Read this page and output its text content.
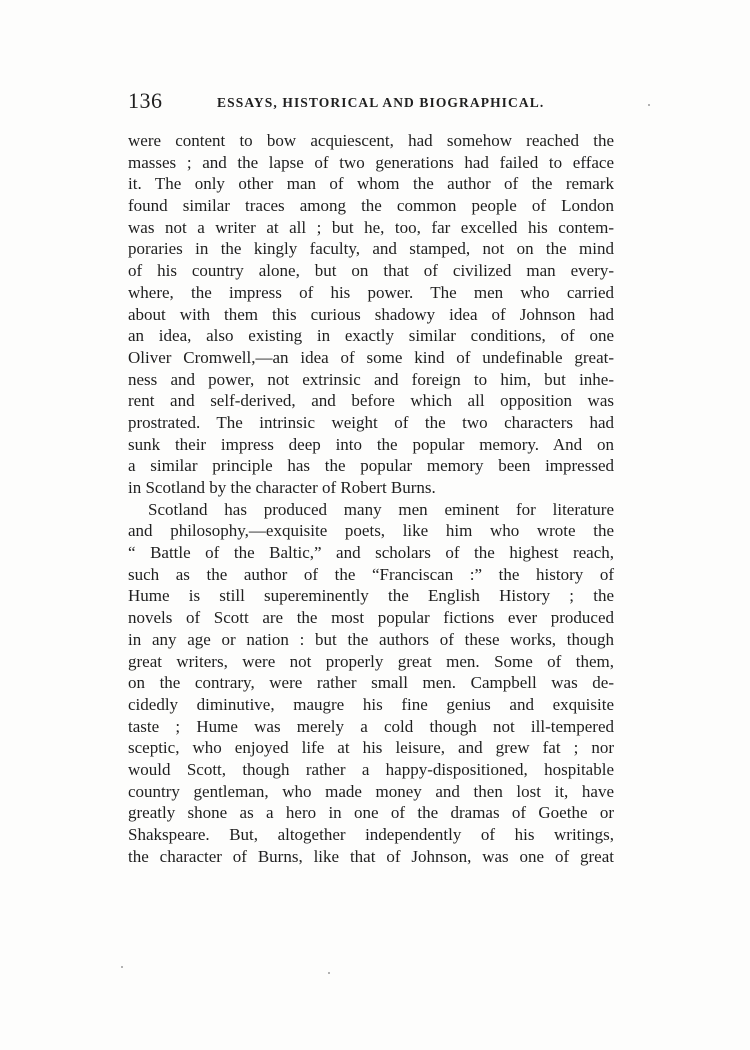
136	ESSAYS, HISTORICAL AND BIOGRAPHICAL.
were content to bow acquiescent, had somehow reached the
masses ; and the lapse of two generations had failed to efface
it. The only other man of whom the author of the remark
found similar traces among the common people of London
was not a writer at all ; but he, too, far excelled his contem-
poraries in the kingly faculty, and stamped, not on the mind
of his country alone, but on that of civilized man every-
where, the impress of his power. The men who carried
about with them this curious shadowy idea of Johnson had
an idea, also existing in exactly similar conditions, of one
Oliver Cromwell,—an idea of some kind of undefinable great-
ness and power, not extrinsic and foreign to him, but inhe-
rent and self-derived, and before which all opposition was
prostrated. The intrinsic weight of the two characters had
sunk their impress deep into the popular memory. And on
a similar principle has the popular memory been impressed
in Scotland by the character of Robert Burns.
Scotland has produced many men eminent for literature
and philosophy,—exquisite poets, like him who wrote the
“ Battle of the Baltic,” and scholars of the highest reach,
such as the author of the “Franciscan :” the history of
Hume is still supereminently the English History ; the
novels of Scott are the most popular fictions ever produced
in any age or nation : but the authors of these works, though
great writers, were not properly great men. Some of them,
on the contrary, were rather small men. Campbell was de-
cidedly diminutive, maugre his fine genius and exquisite
taste ; Hume was merely a cold though not ill-tempered
sceptic, who enjoyed life at his leisure, and grew fat ; nor
would Scott, though rather a happy-dispositioned, hospitable
country gentleman, who made money and then lost it, have
greatly shone as a hero in one of the dramas of Goethe or
Shakspeare. But, altogether independently of his writings,
the character of Burns, like that of Johnson, was one of great
